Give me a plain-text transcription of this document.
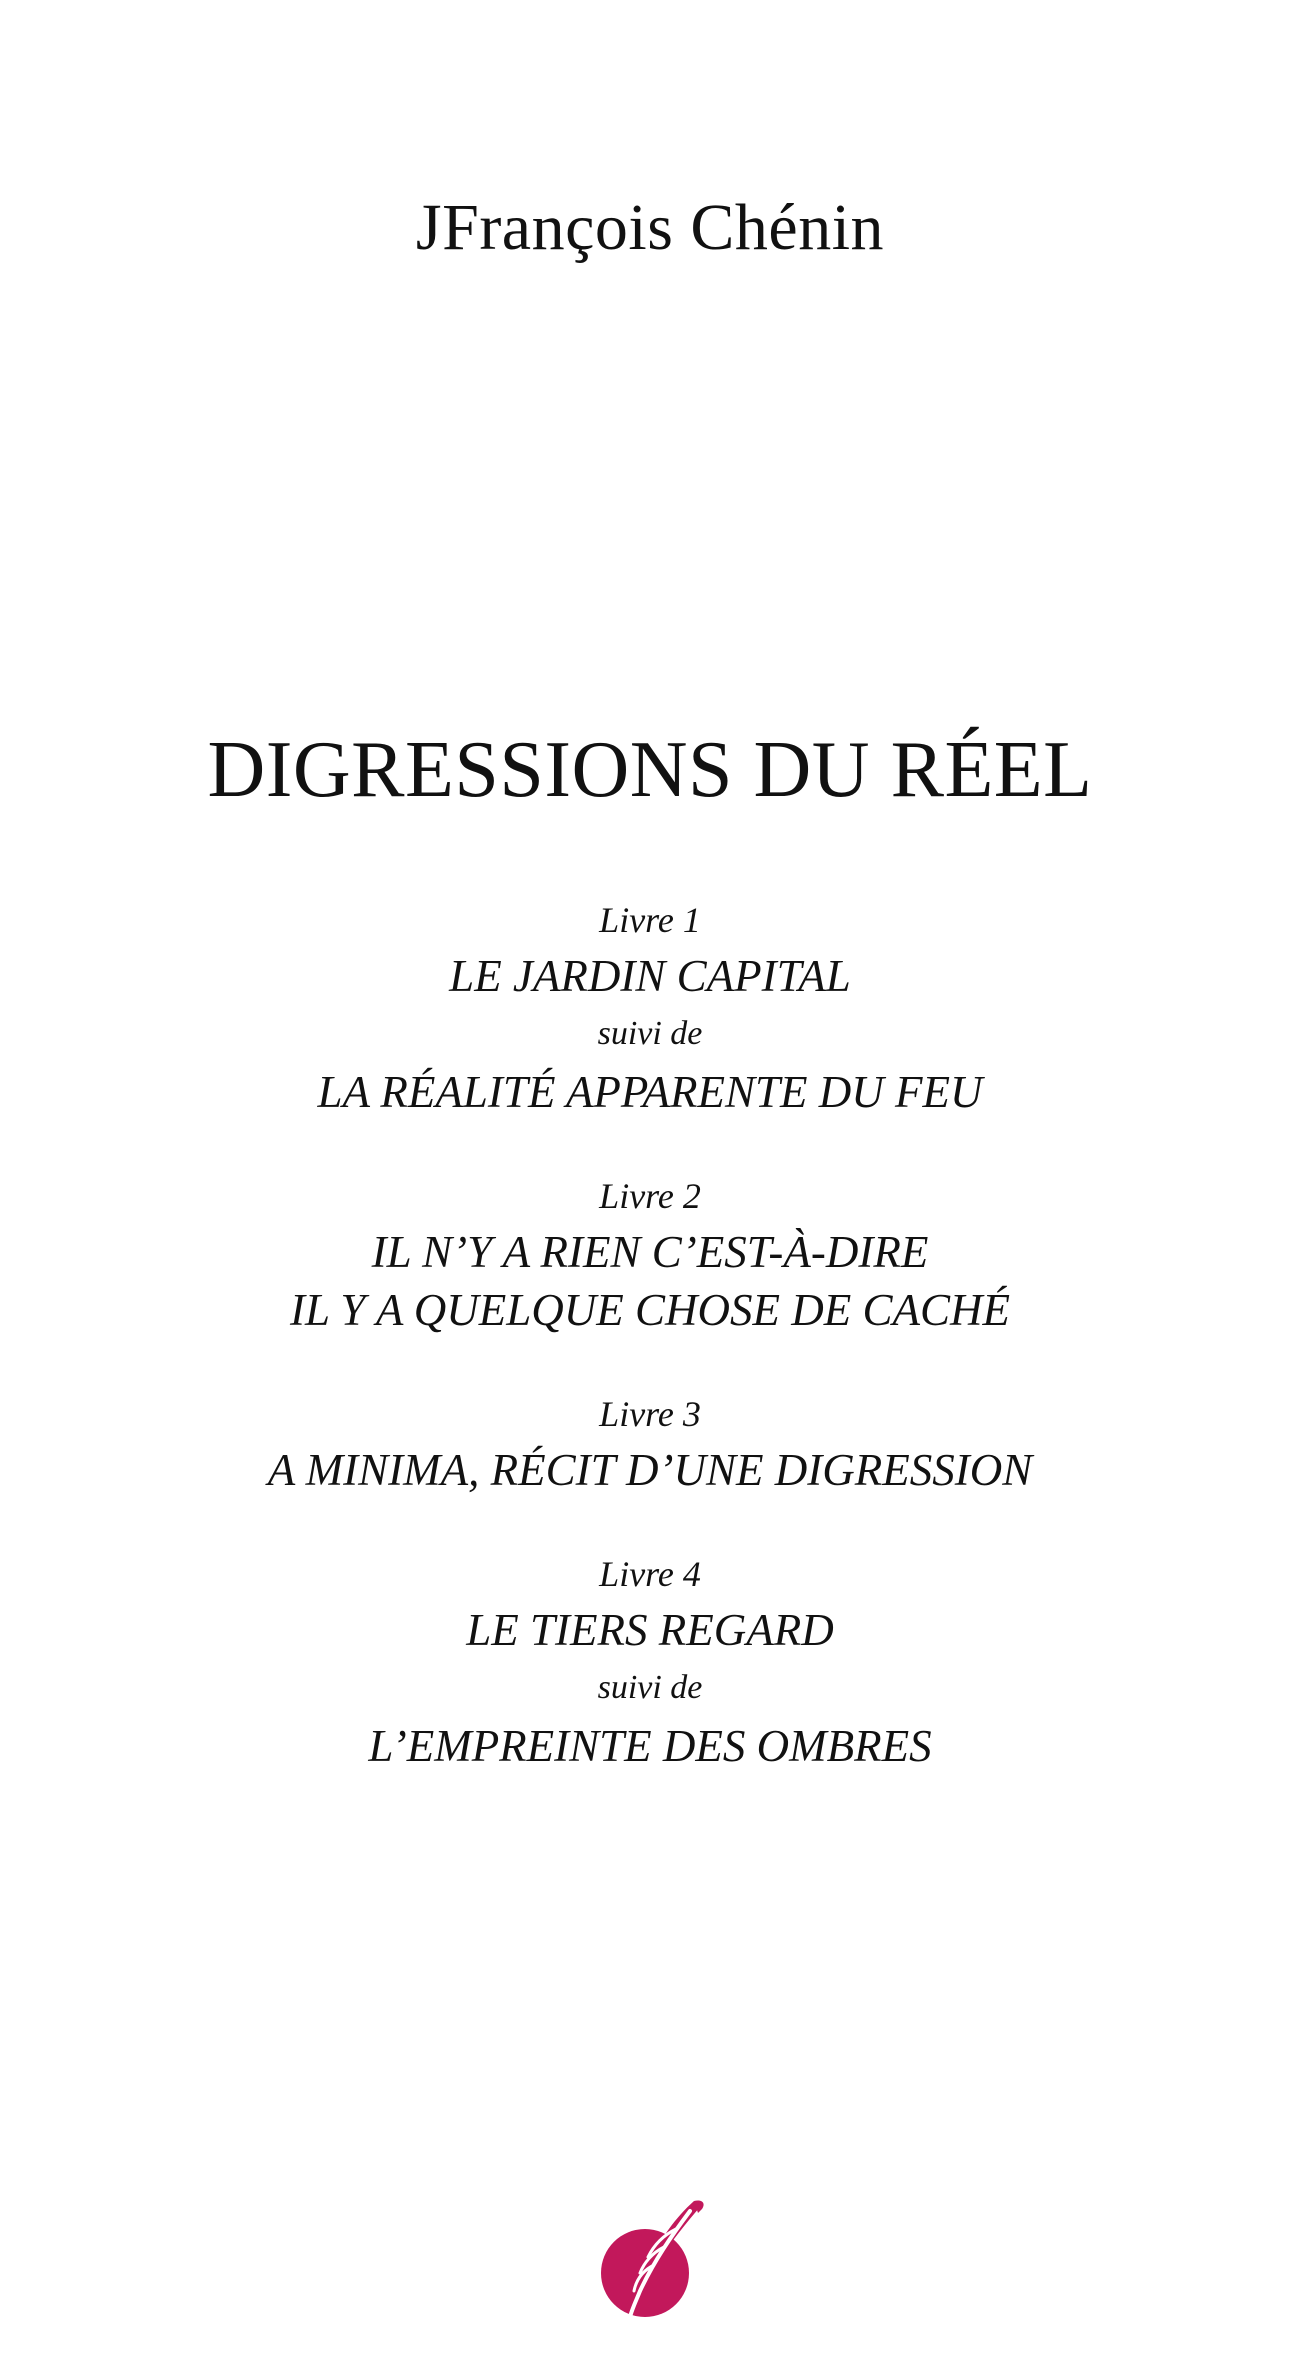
JFrançois Chénin
DIGRESSIONS DU RÉEL
Livre 1
LE JARDIN CAPITAL
suivi de
LA RÉALITÉ APPARENTE DU FEU
Livre 2
IL N’Y A RIEN C’EST-À-DIRE
IL Y A QUELQUE CHOSE DE CACHÉ
Livre 3
A MINIMA, RÉCIT D’UNE DIGRESSION
Livre 4
LE TIERS REGARD
suivi de
L’EMPREINTE DES OMBRES
